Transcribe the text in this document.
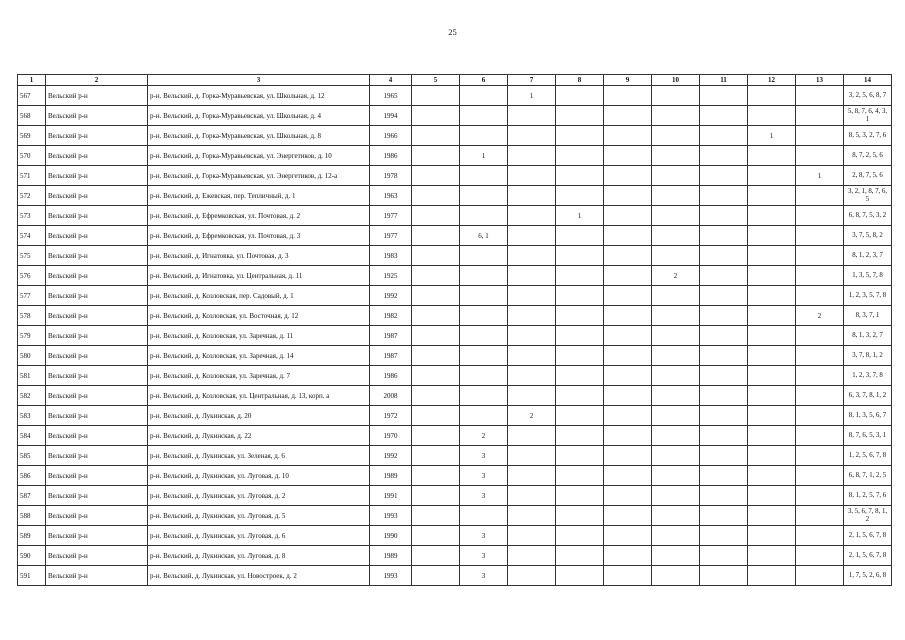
25
1	2	3	4	5	6	7	8	9	10	11	12	13	14
567	Вельский р-н	р-н. Вельский, д. Горка-Муравьевская, ул. Школьная, д. 12	1965			1							3, 2, 5, 6, 8, 7
568	Вельский р-н	р-н. Вельский, д. Горка-Муравьевская, ул. Школьная, д. 4	1994										5, 8, 7, 6, 4, 3, 1
569	Вельский р-н	р-н. Вельский, д. Горка-Муравьевская, ул. Школьная, д. 8	1966								1		8, 5, 3, 2, 7, 6
570	Вельский р-н	р-н. Вельский, д. Горка-Муравьевская, ул. Энергетиков, д. 10	1986		1								8, 7, 2, 5, 6
571	Вельский р-н	р-н. Вельский, д. Горка-Муравьевская, ул. Энергетиков, д. 12-а	1978									1	2, 8, 7, 5, 6
572	Вельский р-н	р-н. Вельский, д. Ежевская, пер. Тепличный, д. 1	1963										3, 2, 1, 8, 7, 6, 5
573	Вельский р-н	р-н. Вельский, д. Ефремковская, ул. Почтовая, д. 2	1977				1						6, 8, 7, 5, 3, 2
574	Вельский р-н	р-н. Вельский, д. Ефремковская, ул. Почтовая, д. 3	1977		6, 1								3, 7, 5, 8, 2
575	Вельский р-н	р-н. Вельский, д. Игнатовка, ул. Почтовая, д. 3	1983										8, 1, 2, 3, 7
576	Вельский р-н	р-н. Вельский, д. Игнатовка, ул. Центральная, д. 11	1925						2				1, 3, 5, 7, 8
577	Вельский р-н	р-н. Вельский, д. Козловская, пер. Садовый, д. 1	1992										1, 2, 3, 5, 7, 8
578	Вельский р-н	р-н. Вельский, д. Козловская, ул. Восточная, д. 12	1982									2	8, 3, 7, 1
579	Вельский р-н	р-н. Вельский, д. Козловская, ул. Заречная, д. 11	1987										8, 1, 3, 2, 7
580	Вельский р-н	р-н. Вельский, д. Козловская, ул. Заречная, д. 14	1987										3, 7, 8, 1, 2
581	Вельский р-н	р-н. Вельский, д. Козловская, ул. Заречная, д. 7	1986										1, 2, 3, 7, 8
582	Вельский р-н	р-н. Вельский, д. Козловская, ул. Центральная, д. 13, корп. а	2008										6, 3, 7, 8, 1, 2
583	Вельский р-н	р-н. Вельский, д. Лукинская, д. 20	1972			2							8, 1, 3, 5, 6, 7
584	Вельский р-н	р-н. Вельский, д. Лукинская, д. 22	1970		2								8, 7, 6, 5, 3, 1
585	Вельский р-н	р-н. Вельский, д. Лукинская, ул. Зеленая, д. 6	1992		3								1, 2, 5, 6, 7, 8
586	Вельский р-н	р-н. Вельский, д. Лукинская, ул. Луговая, д. 10	1989		3								6, 8, 7, 1, 2, 5
587	Вельский р-н	р-н. Вельский, д. Лукинская, ул. Луговая, д. 2	1991		3								8, 1, 2, 5, 7, 6
588	Вельский р-н	р-н. Вельский, д. Лукинская, ул. Луговая, д. 5	1993										3, 5, 6, 7, 8, 1, 2
589	Вельский р-н	р-н. Вельский, д. Лукинская, ул. Луговая, д. 6	1990		3								2, 1, 5, 6, 7, 8
590	Вельский р-н	р-н. Вельский, д. Лукинская, ул. Луговая, д. 8	1989		3								2, 1, 5, 6, 7, 8
591	Вельский р-н	р-н. Вельский, д. Лукинская, ул. Новостроек, д. 2	1993		3								1, 7, 5, 2, 6, 8
